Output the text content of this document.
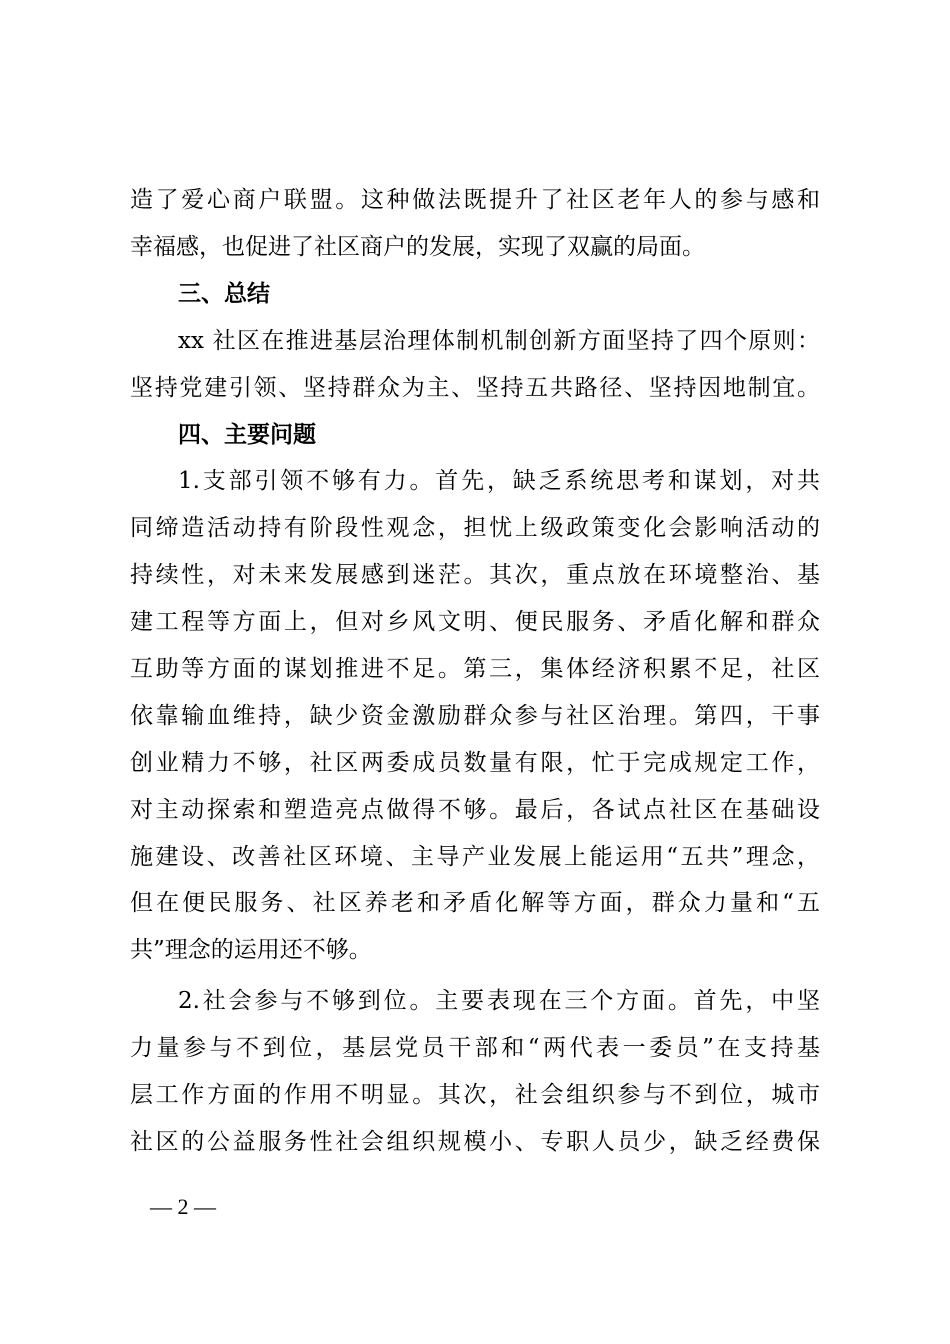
造了爱心商户联盟。这种做法既提升了社区老年人的参与感和
幸福感，也促进了社区商户的发展，实现了双赢的局面。
三、总结
xx 社区在推进基层治理体制机制创新方面坚持了四个原则：
坚持党建引领、坚持群众为主、坚持五共路径、坚持因地制宜。
四、主要问题
1.支部引领不够有力。首先，缺乏系统思考和谋划，对共
同缔造活动持有阶段性观念，担忧上级政策变化会影响活动的
持续性，对未来发展感到迷茫。其次，重点放在环境整治、基
建工程等方面上，但对乡风文明、便民服务、矛盾化解和群众
互助等方面的谋划推进不足。第三，集体经济积累不足，社区
依靠输血维持，缺少资金激励群众参与社区治理。第四，干事
创业精力不够，社区两委成员数量有限，忙于完成规定工作，
对主动探索和塑造亮点做得不够。最后，各试点社区在基础设
施建设、改善社区环境、主导产业发展上能运用“五共”理念，
但在便民服务、社区养老和矛盾化解等方面，群众力量和“五
共”理念的运用还不够。
2.社会参与不够到位。主要表现在三个方面。首先，中坚
力量参与不到位，基层党员干部和“两代表一委员”在支持基
层工作方面的作用不明显。其次，社会组织参与不到位，城市
社区的公益服务性社会组织规模小、专职人员少，缺乏经费保
— 2 —
